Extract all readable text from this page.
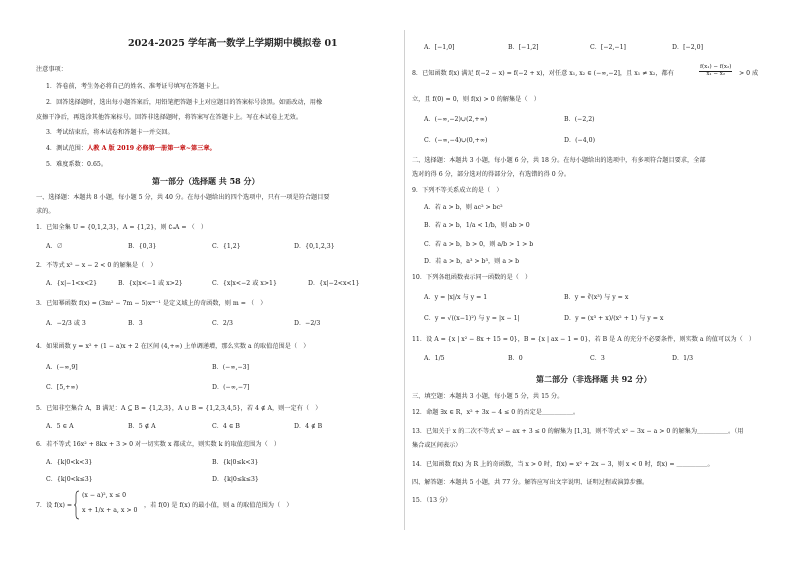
2024-2025 学年高一数学上学期期中模拟卷 01
注意事项：
1．答卷前，考生务必将自己的姓名、准考证号填写在答题卡上。
2．回答选择题时，选出每小题答案后，用铅笔把答题卡上对应题目的答案标号涂黑。如需改动，用橡
皮擦干净后，再选涂其他答案标号。回答非选择题时，将答案写在答题卡上。写在本试卷上无效。
3．考试结束后，将本试卷和答题卡一并交回。
4．测试范围：人教 A 版 2019 必修第一册第一章~第三章。
5．难度系数：0.65。
第一部分（选择题 共 58 分）
一、选择题：本题共 8 小题，每小题 5 分，共 40 分。在每小题给出的四个选项中，只有一项是符合题目要
求的。
1．已知全集 U = {0,1,2,3}，A = {1,2}，则 ∁ᵤA = （　）
A．∅	B．{0,3}	C．{1,2}	D．{0,1,2,3}
2．不等式 x² − x − 2 < 0 的解集是（　）
A．{x|−1<x<2}	B．{x|x<−1 或 x>2}	C．{x|x<−2 或 x>1}	D．{x|−2<x<1}
3．已知幂函数 f(x) = (3m² − 7m − 5)xᵐ⁻¹ 是定义域上的奇函数，则 m = （　）
A．−2/3 或 3	B．3	C．2/3	D．−2/3
4．如果函数 y = x² + (1 − a)x + 2 在区间 (4,+∞) 上单调递增，那么实数 a 的取值范围是（　）
A．(−∞,9]	B．(−∞,−3]
C．[5,+∞)	D．(−∞,−7]
5．已知非空集合 A，B 满足：A ⊆ B = {1,2,3}，A ∪ B = {1,2,3,4,5}，若 4 ∉ A，则一定有（　）
A．5 ∈ A	B．5 ∉ A	C．4 ∈ B	D．4 ∉ B
6．若不等式 16x² + 8kx + 3 > 0 对一切实数 x 都成立，则实数 k 的取值范围为（　）
A．{k|0<k<3}	B．{k|0≤k<3}
C．{k|0<k≤3}	D．{k|0≤k≤3}
7．设 f(x) =
(x − a)², x ≤ 0
x + 1/x + a, x > 0
，若 f(0) 是 f(x) 的最小值，则 a 的取值范围为（　）
A．[−1,0]	B．[−1,2]	C．[−2,−1]	D．[−2,0]
8．已知函数 f(x) 满足 f(−2 − x) = f(−2 + x)，对任意 x₁, x₂ ∈ (−∞,−2]，且 x₁ ≠ x₂，都有	$\frac{\text{f(x₁) − f(x₂)}}{\text{x₁ − x₂}} > 0$ 成
立，且 f(0) = 0，则 f(x) > 0 的解集是（　）
A．(−∞,−2)∪(2,+∞)	B．(−2,2)
C．(−∞,−4)∪(0,+∞)	D．(−4,0)
二、选择题：本题共 3 小题，每小题 6 分，共 18 分。在每小题给出的选项中，有多项符合题目要求，全部
选对的得 6 分，部分选对的得部分分，有选错的得 0 分。
9．下列不等关系成立的是（　）
A．若 a > b，则 ac² > bc²
B．若 a > b，1/a < 1/b，则 ab > 0
C．若 a > b，b > 0，则 a/b > 1 > b
D．若 a > b，a³ > b³，则 a > b
10．下列各组函数表示同一函数的是（　）
A．y = |x|/x 与 y = 1	B．y = ∛(x³) 与 y = x
C．y = √((x−1)²) 与 y = |x − 1|	D．y = (x³ + x)/(x² + 1) 与 y = x
11．设 A = {x | x² − 8x + 15 = 0}，B = {x | ax − 1 = 0}，若 B 是 A 的充分不必要条件，则实数 a 的值可以为（　）
A．1/5	B．0	C．3	D．1/3
第二部分（非选择题 共 92 分）
三、填空题：本题共 3 小题，每小题 5 分，共 15 分。
12．命题 ∃x ∈ R，x² + 3x − 4 ≤ 0 的否定是＿＿＿＿＿。
13．已知关于 x 的二次不等式 x² − ax + 3 ≤ 0 的解集为 [1,3]，则不等式 x² − 3x − a > 0 的解集为＿＿＿＿＿。（用
集合或区间表示）
14．已知函数 f(x) 为 R 上的奇函数，当 x > 0 时，f(x) = x² + 2x − 3，则 x < 0 时，f(x) = ＿＿＿＿＿。
四、解答题：本题共 5 小题，共 77 分。解答应写出文字说明、证明过程或演算步骤。
15．（13 分）
